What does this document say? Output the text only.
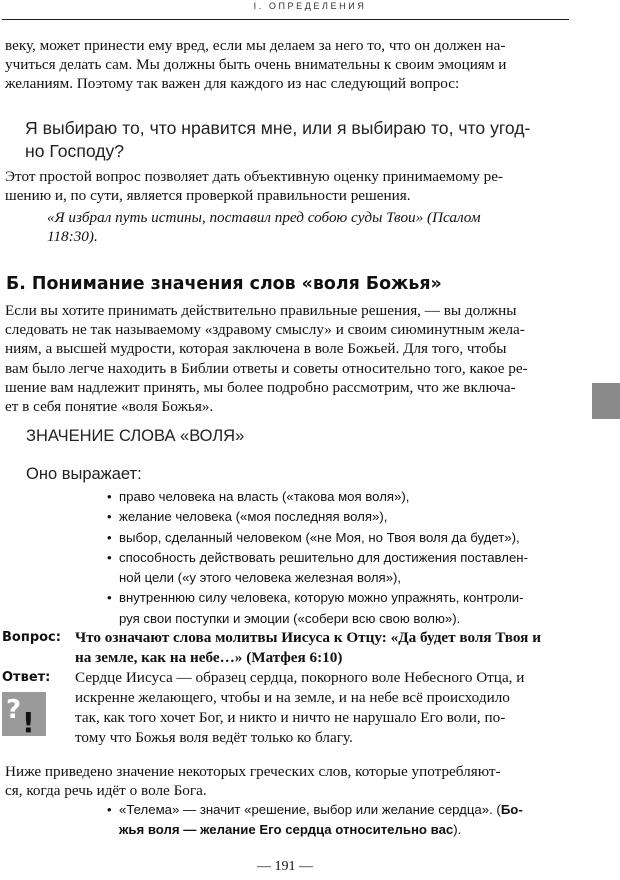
I. ОПРЕДЕЛЕНИЯ

веку, может принести ему вред, если мы делаем за него то, что он должен на-

учиться делать сам. Мы должны быть очень внимательны к своим эмоциям и

желаниям. Поэтому так важен для каждого из нас следующий вопрос:

Я выбираю то, что нравится мне, или я выбираю то, что угод-

но Господу?

Этот простой вопрос позволяет дать объективную оценку принимаемому ре-

шению и, по сути, является проверкой правильности решения.

«Я избрал путь истины, поставил пред собою суды Твои» (Псалом

118:30).

Б. Понимание значения слов «воля Божья»

Если вы хотите принимать действительно правильные решения, — вы должны

следовать не так называемому «здравому смыслу» и своим сиюминутным жела-

ниям, а высшей мудрости, которая заключена в воле Божьей. Для того, чтобы

вам было легче находить в Библии ответы и советы относительно того, какое ре-

шение вам надлежит принять, мы более подробно рассмотрим, что же включа-

ет в себя понятие «воля Божья».

ЗНАЧЕНИЕ СЛОВА «ВОЛЯ»

Оно выражает:

• право человека на власть («такова моя воля»),
• желание человека («моя последняя воля»),
• выбор, сделанный человеком («не Моя, но Твоя воля да будет»),
• способность действовать решительно для достижения поставлен-
ной цели («у этого человека железная воля»),
• внутреннюю силу человека, которую можно упражнять, контроли-
руя свои поступки и эмоции («собери всю свою волю»).
Вопрос: Что означают слова молитвы Иисуса к Отцу: «Да будет воля Твоя и
на земле, как на небе…» (Матфея 6:10)
Ответ: Сердце Иисуса — образец сердца, покорного воле Небесного Отца, и
искренне желающего, чтобы и на земле, и на небе всё происходило
так, как того хочет Бог, и никто и ничто не нарушало Его воли, по-
тому что Божья воля ведёт только ко благу.
? !

Ниже приведено значение некоторых греческих слов, которые употребляют-

ся, когда речь идёт о воле Бога.

• «Телема» — значит «решение, выбор или желание сердца». (Бо-
жья воля — желание Его сердца относительно вас).
— 191 —
